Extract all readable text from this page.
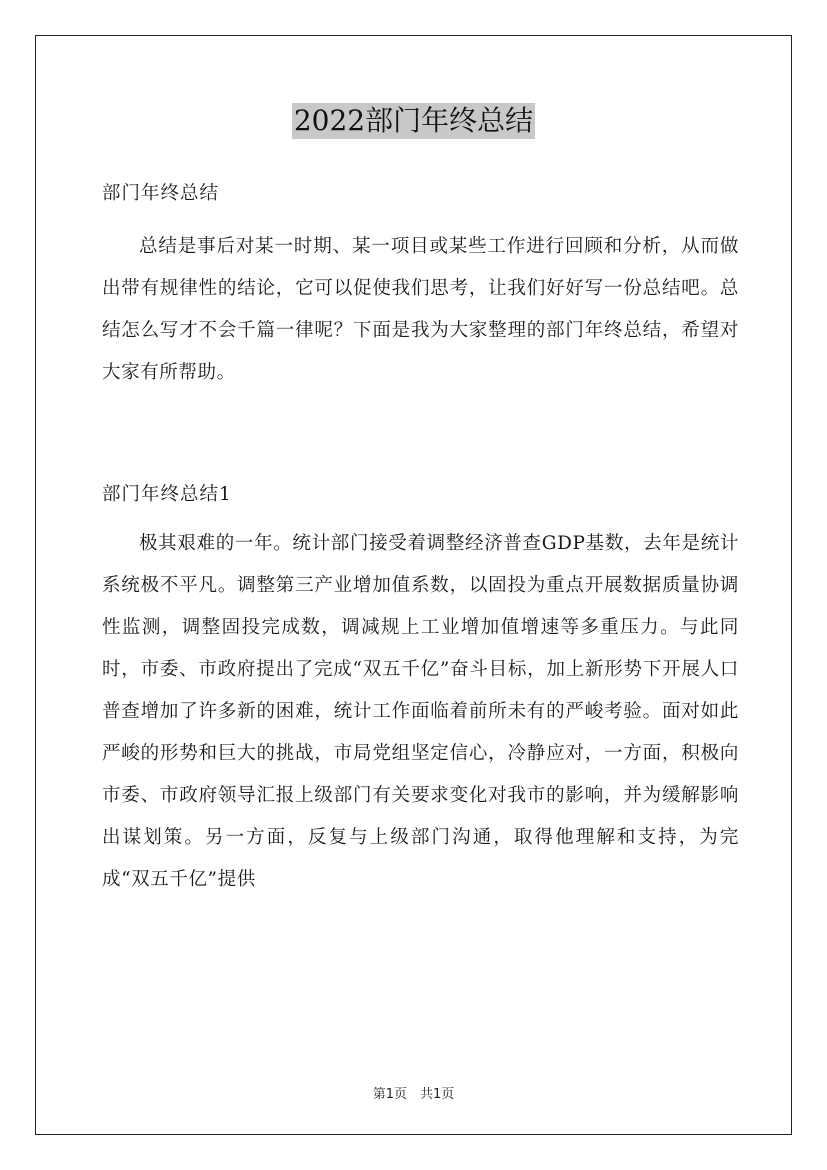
2022部门年终总结

部门年终总结

总结是事后对某一时期、某一项目或某些工作进行回顾和分析，从而做出带有规律性的结论，它可以促使我们思考，让我们好好写一份总结吧。总结怎么写才不会千篇一律呢？下面是我为大家整理的部门年终总结，希望对大家有所帮助。

部门年终总结1

极其艰难的一年。统计部门接受着调整经济普查GDP基数，去年是统计系统极不平凡。调整第三产业增加值系数，以固投为重点开展数据质量协调性监测，调整固投完成数，调减规上工业增加值增速等多重压力。与此同时，市委、市政府提出了完成“双五千亿”奋斗目标，加上新形势下开展人口普查增加了许多新的困难，统计工作面临着前所未有的严峻考验。面对如此严峻的形势和巨大的挑战，市局党组坚定信心，冷静应对，一方面，积极向市委、市政府领导汇报上级部门有关要求变化对我市的影响，并为缓解影响出谋划策。另一方面，反复与上级部门沟通，取得他理解和支持，为完成“双五千亿”提供

第1页　共1页
